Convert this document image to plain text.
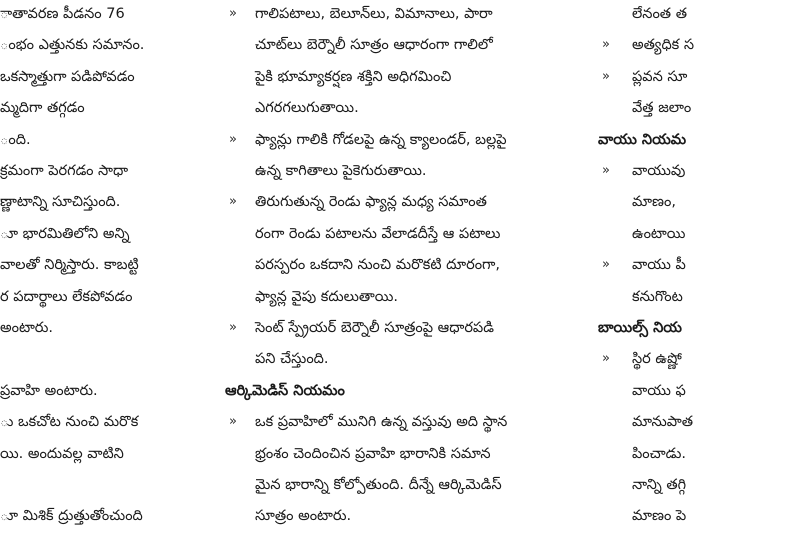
ాతావరణ పీడనం 76
ంభం ఎత్తునకు సమానం.
ఒకస్మాత్తుగా పడిపోవడం
మ్మదిగా తగ్గడం
ంది.
క్రమంగా పెరగడం సాధా
ణ్ణాటాన్ని సూచిస్తుంది.
ూ భారమితిలోని అన్ని
వాలతో నిర్మిస్తారు. కాబట్టి
ర పదార్థాలు లేకపోవడం
అంటారు.
ప్రవాహి అంటారు.
ు ఒకచోట నుంచి మరొక
యి. అందువల్ల వాటిని
ూ మిశిక్ ద్రుత్తుతోంచుంది
» గాలిపటాలు, బెలూన్‌లు, విమానాలు, పారా
చూట్‌లు బెర్నౌలీ సూత్రం ఆధారంగా గాలిలో
పైకి భూమ్యాకర్షణ శక్తిని అధిగమించి
ఎగరగలుగుతాయి.
» ఫ్యాన్లు గాలికి గోడలపై ఉన్న క్యాలండర్, బల్లపై
ఉన్న కాగితాలు పైకెగురుతాయి.
» తిరుగుతున్న రెండు ఫ్యాన్ల మధ్య సమాంత
రంగా రెండు పటాలను వేలాడదీస్తే ఆ పటాలు
పరస్పరం ఒకదాని నుంచి మరొకటి దూరంగా,
ఫ్యాన్ల వైపు కదులుతాయి.
» సెంట్ స్ప్రేయర్ బెర్నౌలీ సూత్రంపై ఆధారపడి
పని చేస్తుంది.
ఆర్కిమెడిస్ నియమం
» ఒక ప్రవాహిలో మునిగి ఉన్న వస్తువు అది స్థాన
భ్రంశం చెందించిన ప్రవాహి భారానికి సమాన
మైన భారాన్ని కోల్పోతుంది. దీన్నే ఆర్కిమెడిస్
సూత్రం అంటారు.
లేనంత త
» అత్యధిక స
» ప్లవన సూ
వేత్త జలాం
వాయు నియమ
» వాయువు
మాణం,
ఉంటాయి
» వాయు పీ
కనుగొంట
బాయిల్స్ నియ
» స్థిర ఉష్ణో
వాయు ఫ
మానుపాత
పించాడు.
నాన్ని తగ్గి
మాణం పె
